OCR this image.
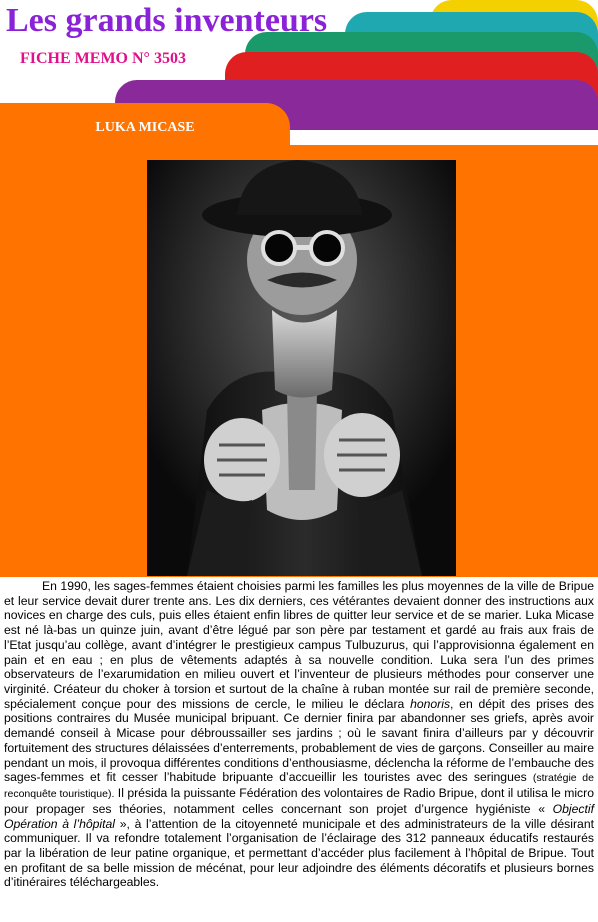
Les grands inventeurs
FICHE MEMO N° 3503
LUKA MICASE
En 1990, les sages-femmes étaient choisies parmi les familles les plus moyennes de la ville de Bripue et leur service devait durer trente ans. Les dix derniers, ces vétérantes devaient donner des instructions aux novices en charge des culs, puis elles étaient enfin libres de quitter leur service et de se marier. Luka Micase est né là-bas un quinze juin, avant d’être légué par son père par testament et gardé au frais aux frais de l’Etat jusqu’au collège, avant d’intégrer le prestigieux campus Tulbuzurus, qui l’approvisionna également en pain et en eau ; en plus de vêtements adaptés à sa nouvelle condition. Luka sera l’un des primes observateurs de l’exarumidation en milieu ouvert et l’inventeur de plusieurs méthodes pour conserver une virginité. Créateur du choker à torsion et surtout de la chaîne à ruban montée sur rail de première seconde, spécialement conçue pour des missions de cercle, le milieu le déclara honoris, en dépit des prises des positions contraires du Musée municipal bripuant. Ce dernier finira par abandonner ses griefs, après avoir demandé conseil à Micase pour débroussailler ses jardins ; où le savant finira d’ailleurs par y découvrir fortuitement des structures délaissées d’enterrements, probablement de vies de garçons. Conseiller au maire pendant un mois, il provoqua différentes conditions d’enthousiasme, déclencha la réforme de l’embauche des sages-femmes et fit cesser l’habitude bripuante d’accueillir les touristes avec des seringues (stratégie de reconquête touristique). Il présida la puissante Fédération des volontaires de Radio Bripue, dont il utilisa le micro pour propager ses théories, notamment celles concernant son projet d’urgence hygiéniste « Objectif Opération à l’hôpital », à l’attention de la citoyenneté municipale et des administrateurs de la ville désirant communiquer. Il va refondre totalement l’organisation de l’éclairage des 312 panneaux éducatifs restaurés par la libération de leur patine organique, et permettant d’accéder plus facilement à l’hôpital de Bripue. Tout en profitant de sa belle mission de mécénat, pour leur adjoindre des éléments décoratifs et plusieurs bornes d’itinéraires téléchargeables.
